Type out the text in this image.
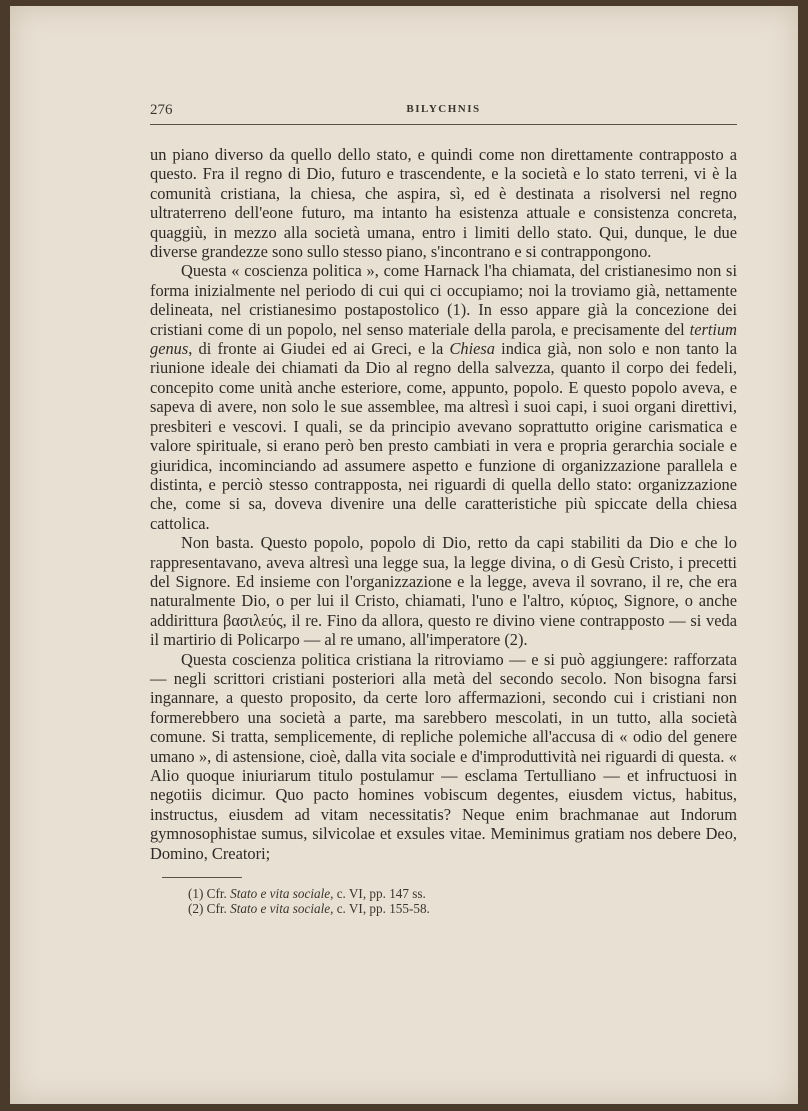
276	BILYCHNIS

un piano diverso da quello dello stato, e quindi come non direttamente contrapposto a questo. Fra il regno di Dio, futuro e trascendente, e la società e lo stato terreni, vi è la comunità cristiana, la chiesa, che aspira, sì, ed è destinata a risolversi nel regno ultraterreno dell'eone futuro, ma intanto ha esistenza attuale e consistenza concreta, quaggiù, in mezzo alla società umana, entro i limiti dello stato. Qui, dunque, le due diverse grandezze sono sullo stesso piano, s'incontrano e si contrappongono.

Questa « coscienza politica », come Harnack l'ha chiamata, del cristianesimo non si forma inizialmente nel periodo di cui qui ci occupiamo; noi la troviamo già, nettamente delineata, nel cristianesimo postapostolico (1). In esso appare già la concezione dei cristiani come di un popolo, nel senso materiale della parola, e precisamente del tertium genus, di fronte ai Giudei ed ai Greci, e la Chiesa indica già, non solo e non tanto la riunione ideale dei chiamati da Dio al regno della salvezza, quanto il corpo dei fedeli, concepito come unità anche esteriore, come, appunto, popolo. E questo popolo aveva, e sapeva di avere, non solo le sue assemblee, ma altresì i suoi capi, i suoi organi direttivi, presbiteri e vescovi. I quali, se da principio avevano soprattutto origine carismatica e valore spirituale, si erano però ben presto cambiati in vera e propria gerarchia sociale e giuridica, incominciando ad assumere aspetto e funzione di organizzazione parallela e distinta, e perciò stesso contrapposta, nei riguardi di quella dello stato: organizzazione che, come si sa, doveva divenire una delle caratteristiche più spiccate della chiesa cattolica.

Non basta. Questo popolo, popolo di Dio, retto da capi stabiliti da Dio e che lo rappresentavano, aveva altresì una legge sua, la legge divina, o di Gesù Cristo, i precetti del Signore. Ed insieme con l'organizzazione e la legge, aveva il sovrano, il re, che era naturalmente Dio, o per lui il Cristo, chiamati, l'uno e l'altro, κύριος, Signore, o anche addirittura βασιλεύς, il re. Fino da allora, questo re divino viene contrapposto — si veda il martirio di Policarpo — al re umano, all'imperatore (2).

Questa coscienza politica cristiana la ritroviamo — e si può aggiungere: rafforzata — negli scrittori cristiani posteriori alla metà del secondo secolo. Non bisogna farsi ingannare, a questo proposito, da certe loro affermazioni, secondo cui i cristiani non formerebbero una società a parte, ma sarebbero mescolati, in un tutto, alla società comune. Si tratta, semplicemente, di repliche polemiche all'accusa di « odio del genere umano », di astensione, cioè, dalla vita sociale e d'improduttività nei riguardi di questa. « Alio quoque iniuriarum titulo postulamur — esclama Tertulliano — et infructuosi in negotiis dicimur. Quo pacto homines vobiscum degentes, eiusdem victus, habitus, instructus, eiusdem ad vitam necessitatis? Neque enim brachmanae aut Indorum gymnosophistae sumus, silvicolae et exsules vitae. Meminimus gratiam nos debere Deo, Domino, Creatori;

(1) Cfr. Stato e vita sociale, c. VI, pp. 147 ss.
(2) Cfr. Stato e vita sociale, c. VI, pp. 155-58.
